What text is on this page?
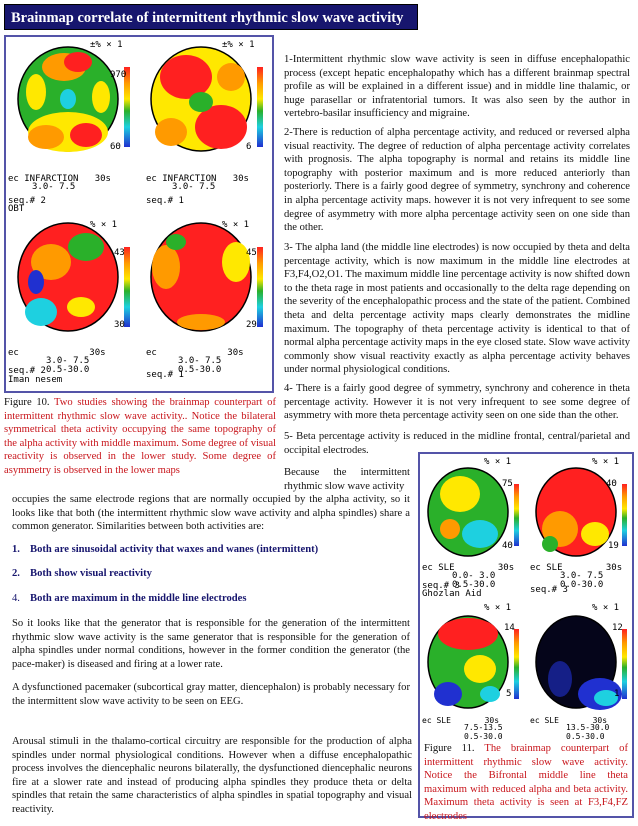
Brainmap correlate of intermittent rhythmic slow wave activity
±% × 1	±% × 1
97Θ
6Θ	6
ec INFARCTION   30s
3.0- 7.5
seq.# 2
OBT
ec INFARCTION   30s
3.0- 7.5
seq.# 1
% × 1	% × 1
43
3Θ
45
29
ec             30s
3.0- 7.5
0.5-30.0
seq.# 2
Iman nesem
ec             30s
3.0- 7.5
0.5-30.0
seq.# 1

Figure 10. Two studies showing the brainmap counterpart of intermittent rhythmic slow wave activity.. Notice the bilateral symmetrical theta activity occupying the same topography of the alpha activity with middle maximum. Some degree of visual reactivity is observed in the lower study. Some degree of asymmetry is observed in the lower maps

1-Intermittent rhythmic slow wave activity is seen in diffuse encephalopathic process (except hepatic encephalopathy which has a different brainmap spectral profile as will be explained in a different issue) and in middle line thalamic, or huge parasellar or infratentorial tumors. It was also seen by the author in vertebro-basilar insufficiency and migraine.

2-There is reduction of alpha percentage activity, and reduced or reversed alpha visual reactivity. The degree of reduction of alpha percentage activity correlates with prognosis. The alpha topography is normal and retains its middle line topography with posterior maximum and is more reduced anteriorly than posteriorly. There is a fairly good degree of symmetry, synchrony and coherence in alpha percentage activity maps. however it is not very infrequent to see some degree of asymmetry with more alpha percentage activity seen on one side than the other.

3- The alpha land (the middle line electrodes) is now occupied by theta and delta percentage activity, which is now maximum in the middle line electrodes at F3,F4,O2,O1. The maximum middle line percentage activity is now shifted down to the theta rage in most patients and occasionally to the delta rage depending on the severity of the encephalopathic process and the state of the patient. Combined theta and delta percentage activity maps clearly demonstrates the midline maximum. The topography of theta percentage activity is identical to that of normal alpha percentage activity maps in the eye closed state. Slow wave activity commonly show visual reactivity exactly as alpha percentage activity behaves under normal physiological conditions.

4- There is a fairly good degree of symmetry, synchrony and coherence in theta percentage activity. However it is not very infrequent to see some degree of asymmetry with more theta percentage activity seen on one side than the other.

5- Beta percentage activity is reduced in the midline frontal, central/parietal and occipital electrodes.

Because the intermittent rhythmic slow wave activity

occupies the same electrode regions that are normally occupied by the alpha activity, so it looks like that both (the intermittent rhythmic slow wave activity and alpha spindles) share a common generator. Similarities between both activities are:

1. Both are sinusoidal activity that waxes and wanes (intermittent)
2. Both show visual reactivity
4. Both are maximum in the middle line electrodes

So it looks like that the generator that is responsible for the generation of the intermittent rhythmic slow wave activity is the same generator that is responsible for the generation of alpha spindles under normal conditions, however in the former condition the generator (the pace-maker) is diseased and firing at a lower rate.

A dysfunctioned pacemaker (subcortical gray matter, diencephalon) is probably necessary for the intermittent slow wave activity to be seen on EEG.

Arousal stimuli in the thalamo-cortical circuitry are responsible for the production of alpha spindles under normal physiological conditions. However when a diffuse encephalopathic process involves the diencephalic neurons bilaterally, the dysfunctioned diencephalic neurons fire at a slower rate and instead of producing alpha spindles they produce theta or delta spindles that retain the same characteristics of alpha spindles in spatial topography and visual reactivity.

% × 1	% × 1
75
4Θ
4Θ
19
ec SLE        30s
0.0- 3.0
0.5-30.0
seq.# 3
Ghozlan Aid
ec SLE        30s
3.0- 7.5
0.0-30.0
seq.# 3
% × 1	% × 1
14
5
12
1
ec SLE       30s
7.5-13.5
0.5-30.0
ec SLE       30s
13.5-30.0
0.5-30.0

Figure 11. The brainmap counterpart of intermittent rhythmic slow wave activity. Notice the Bifrontal middle line theta maximum with reduced alpha and beta activity. Maximum theta activity is seen at F3,F4,FZ electrodes
